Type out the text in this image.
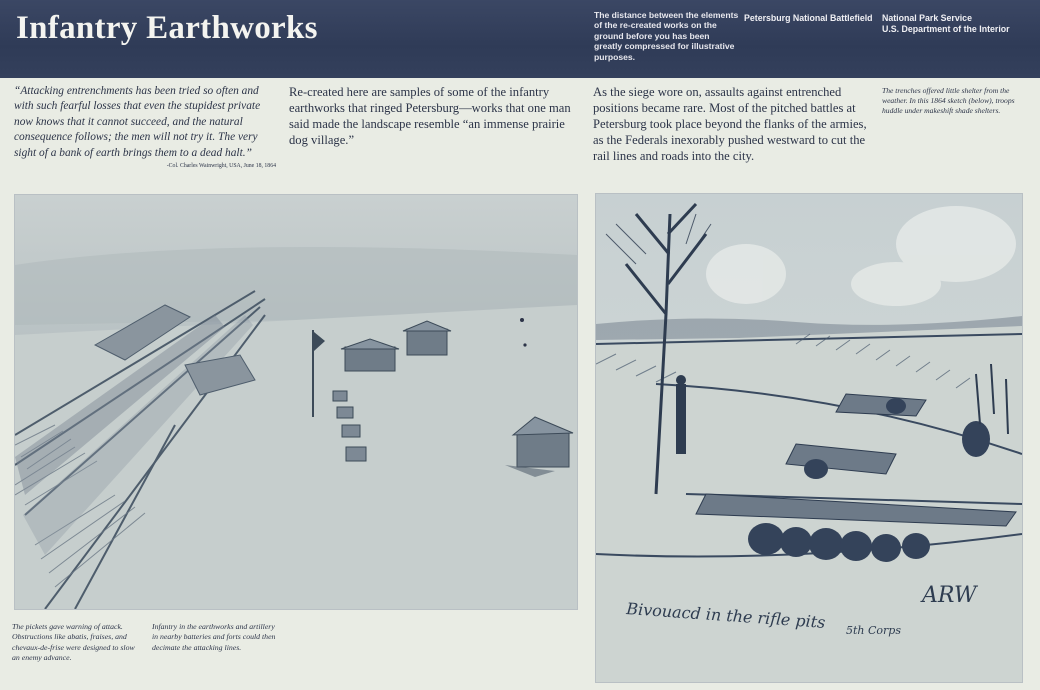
Infantry Earthworks	The distance between the elements of the re-created works on the ground before you has been greatly compressed for illustrative purposes.
Petersburg National Battlefield National Park Service
U.S. Department of the Interior
“Attacking entrenchments has been tried so often and with such fearful losses that even the stupidest private now knows that it cannot succeed, and the natural consequence follows; the men will not try it. The very sight of a bank of earth brings them to a dead halt.”
-Col. Charles Wainwright, USA, June 18, 1864
Re-created here are samples of some of the infantry earthworks that ringed Petersburg—works that one man said made the landscape resemble “an immense prairie dog village.”
As the siege wore on, assaults against entrenched positions became rare. Most of the pitched battles at Petersburg took place beyond the flanks of the armies, as the Federals inexorably pushed westward to cut the rail lines and roads into the city.
The trenches offered little shelter from the weather. In this 1864 sketch (below), troops huddle under makeshift shade shelters.
Bivouacd in the rifle pits 5th Corps
ARW
The pickets gave warning of attack. Obstructions like abatis, fraises, and chevaux-de-frise were designed to slow an enemy advance.
Infantry in the earthworks and artillery in nearby batteries and forts could then decimate the attacking lines.
